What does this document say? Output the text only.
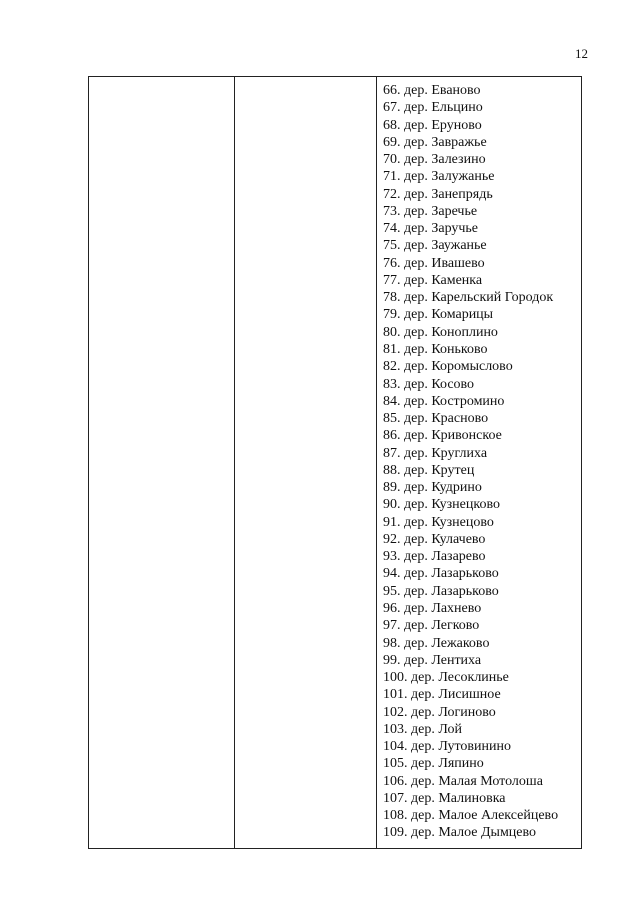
12
66. дер. Еваново
67. дер. Ельцино
68. дер. Еруново
69. дер. Завражье
70. дер. Залезино
71. дер. Залужанье
72. дер. Занепрядь
73. дер. Заречье
74. дер. Заручье
75. дер. Заужанье
76. дер. Ивашево
77. дер. Каменка
78. дер. Карельский Городок
79. дер. Комарицы
80. дер. Коноплино
81. дер. Коньково
82. дер. Коромыслово
83. дер. Косово
84. дер. Костромино
85. дер. Красново
86. дер. Кривонское
87. дер. Круглиха
88. дер. Крутец
89. дер. Кудрино
90. дер. Кузнецково
91. дер. Кузнецово
92. дер. Кулачево
93. дер. Лазарево
94. дер. Лазарьково
95. дер. Лазарьково
96. дер. Лахнево
97. дер. Легково
98. дер. Лежаково
99. дер. Лентиха
100. дер. Лесоклинье
101. дер. Лисишное
102. дер. Логиново
103. дер. Лой
104. дер. Лутовинино
105. дер. Ляпино
106. дер. Малая Мотолоша
107. дер. Малиновка
108. дер. Малое Алексейцево
109. дер. Малое Дымцево
